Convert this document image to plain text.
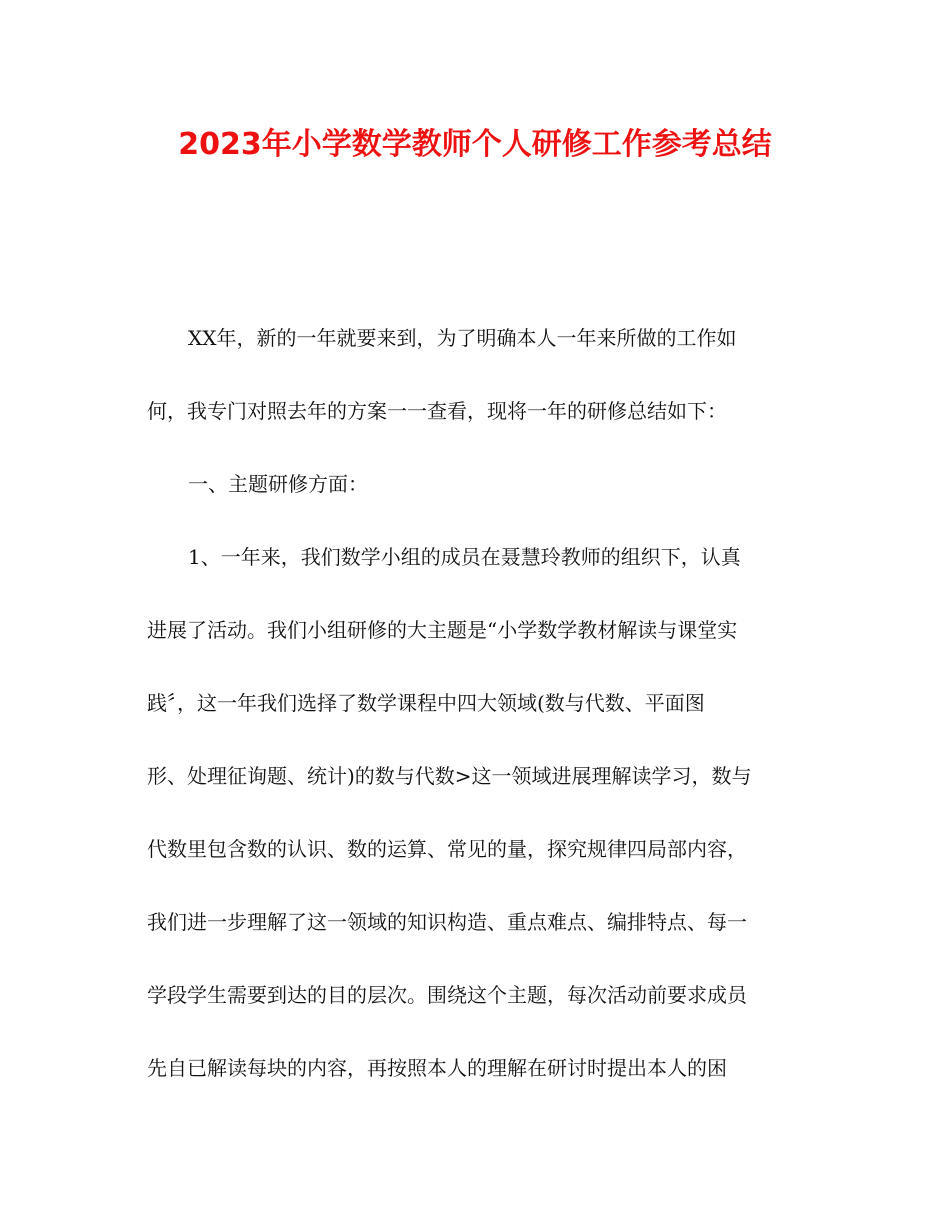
2023年小学数学教师个人研修工作参考总结

XX年，新的一年就要来到，为了明确本人一年来所做的工作如

何，我专门对照去年的方案一一查看，现将一年的研修总结如下：

一、主题研修方面：

1、一年来，我们数学小组的成员在聂慧玲教师的组织下，认真

进展了活动。我们小组研修的大主题是“小学数学教材解读与课堂实

践〞，这一年我们选择了数学课程中四大领域(数与代数、平面图

形、处理征询题、统计)的数与代数>这一领域进展理解读学习，数与

代数里包含数的认识、数的运算、常见的量，探究规律四局部内容，

我们进一步理解了这一领域的知识构造、重点难点、编排特点、每一

学段学生需要到达的目的层次。围绕这个主题，每次活动前要求成员

先自已解读每块的内容，再按照本人的理解在研讨时提出本人的困
